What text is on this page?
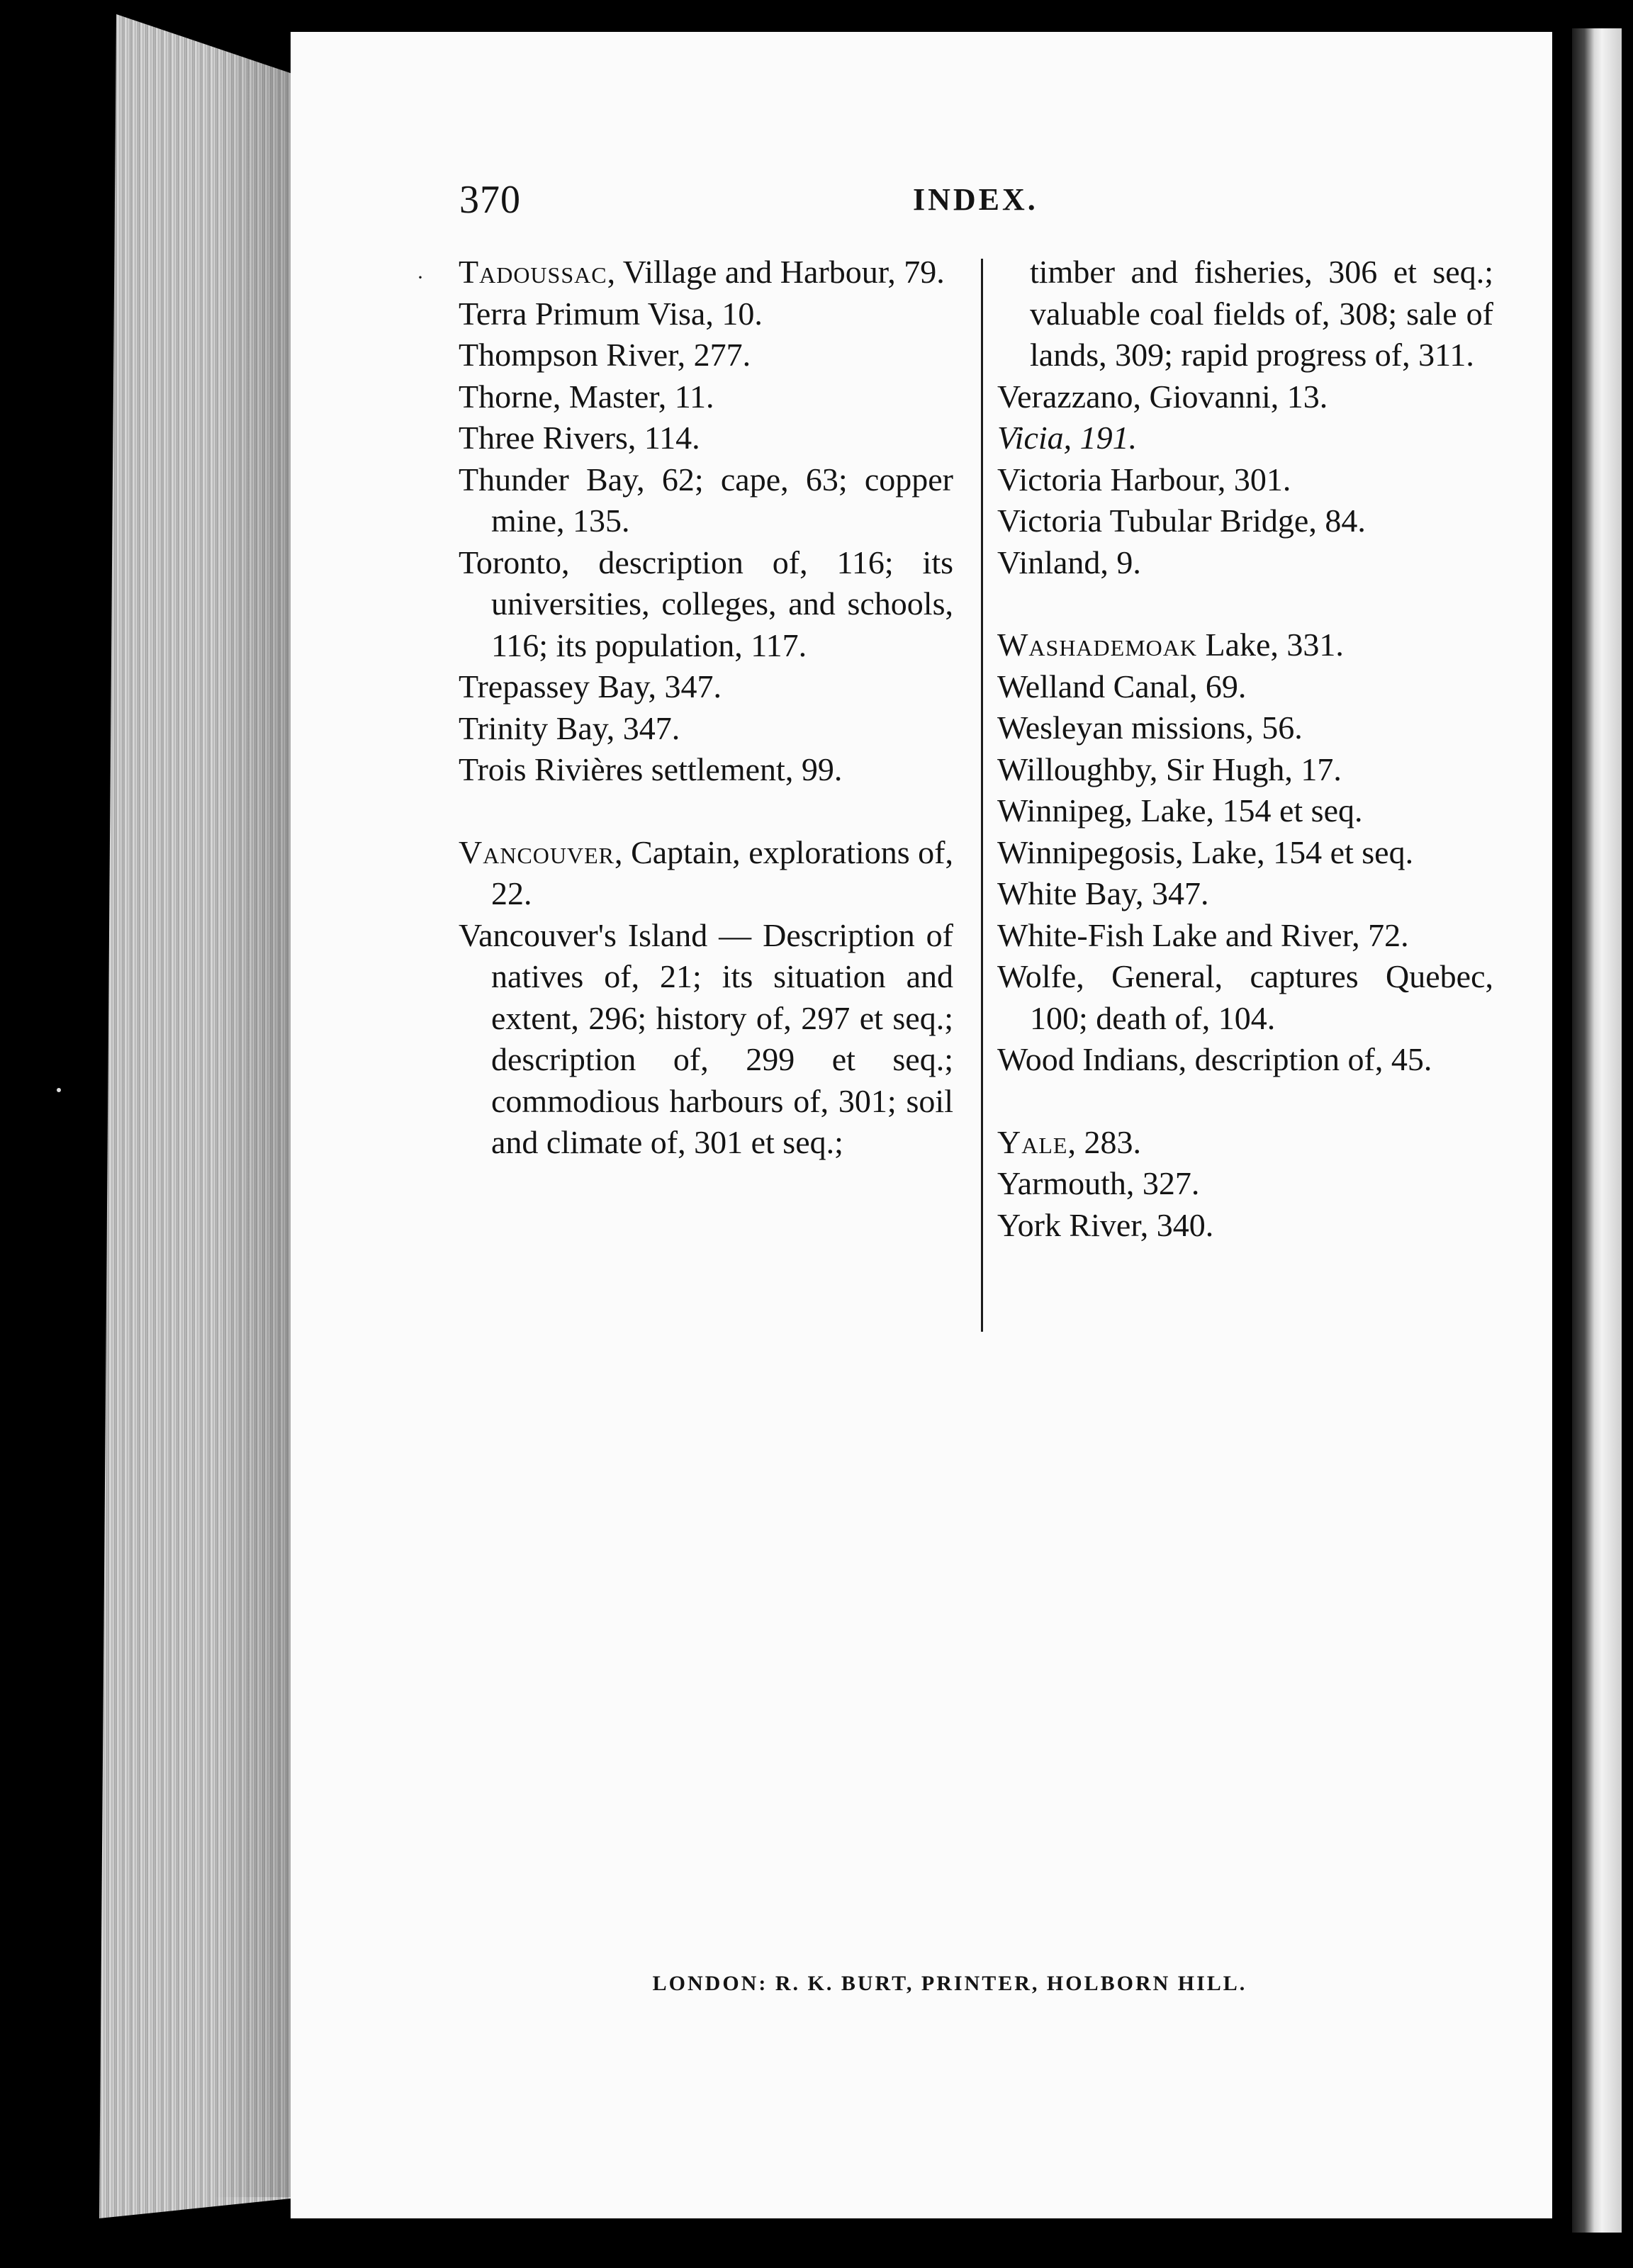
370	INDEX.
· Tadoussac, Village and Harbour, 79.
Terra Primum Visa, 10.
Thompson River, 277.
Thorne, Master, 11.
Three Rivers, 114.
Thunder Bay, 62; cape, 63; copper mine, 135.
Toronto, description of, 116; its universities, colleges, and schools, 116; its population, 117.
Trepassey Bay, 347.
Trinity Bay, 347.
Trois Rivières settlement, 99.
Vancouver, Captain, explorations of, 22.
Vancouver's Island — Description of natives of, 21; its situation and extent, 296; history of, 297 et seq.; description of, 299 et seq.; commodious harbours of, 301; soil and climate of, 301 et seq.;
timber and fisheries, 306 et seq.; valuable coal fields of, 308; sale of lands, 309; rapid progress of, 311.
Verazzano, Giovanni, 13.
Vicia, 191.
Victoria Harbour, 301.
Victoria Tubular Bridge, 84.
Vinland, 9.
Washademoak Lake, 331.
Welland Canal, 69.
Wesleyan missions, 56.
Willoughby, Sir Hugh, 17.
Winnipeg, Lake, 154 et seq.
Winnipegosis, Lake, 154 et seq.
White Bay, 347.
White-Fish Lake and River, 72.
Wolfe, General, captures Quebec, 100; death of, 104.
Wood Indians, description of, 45.
Yale, 283.
Yarmouth, 327.
York River, 340.
LONDON: R. K. BURT, PRINTER, HOLBORN HILL.
